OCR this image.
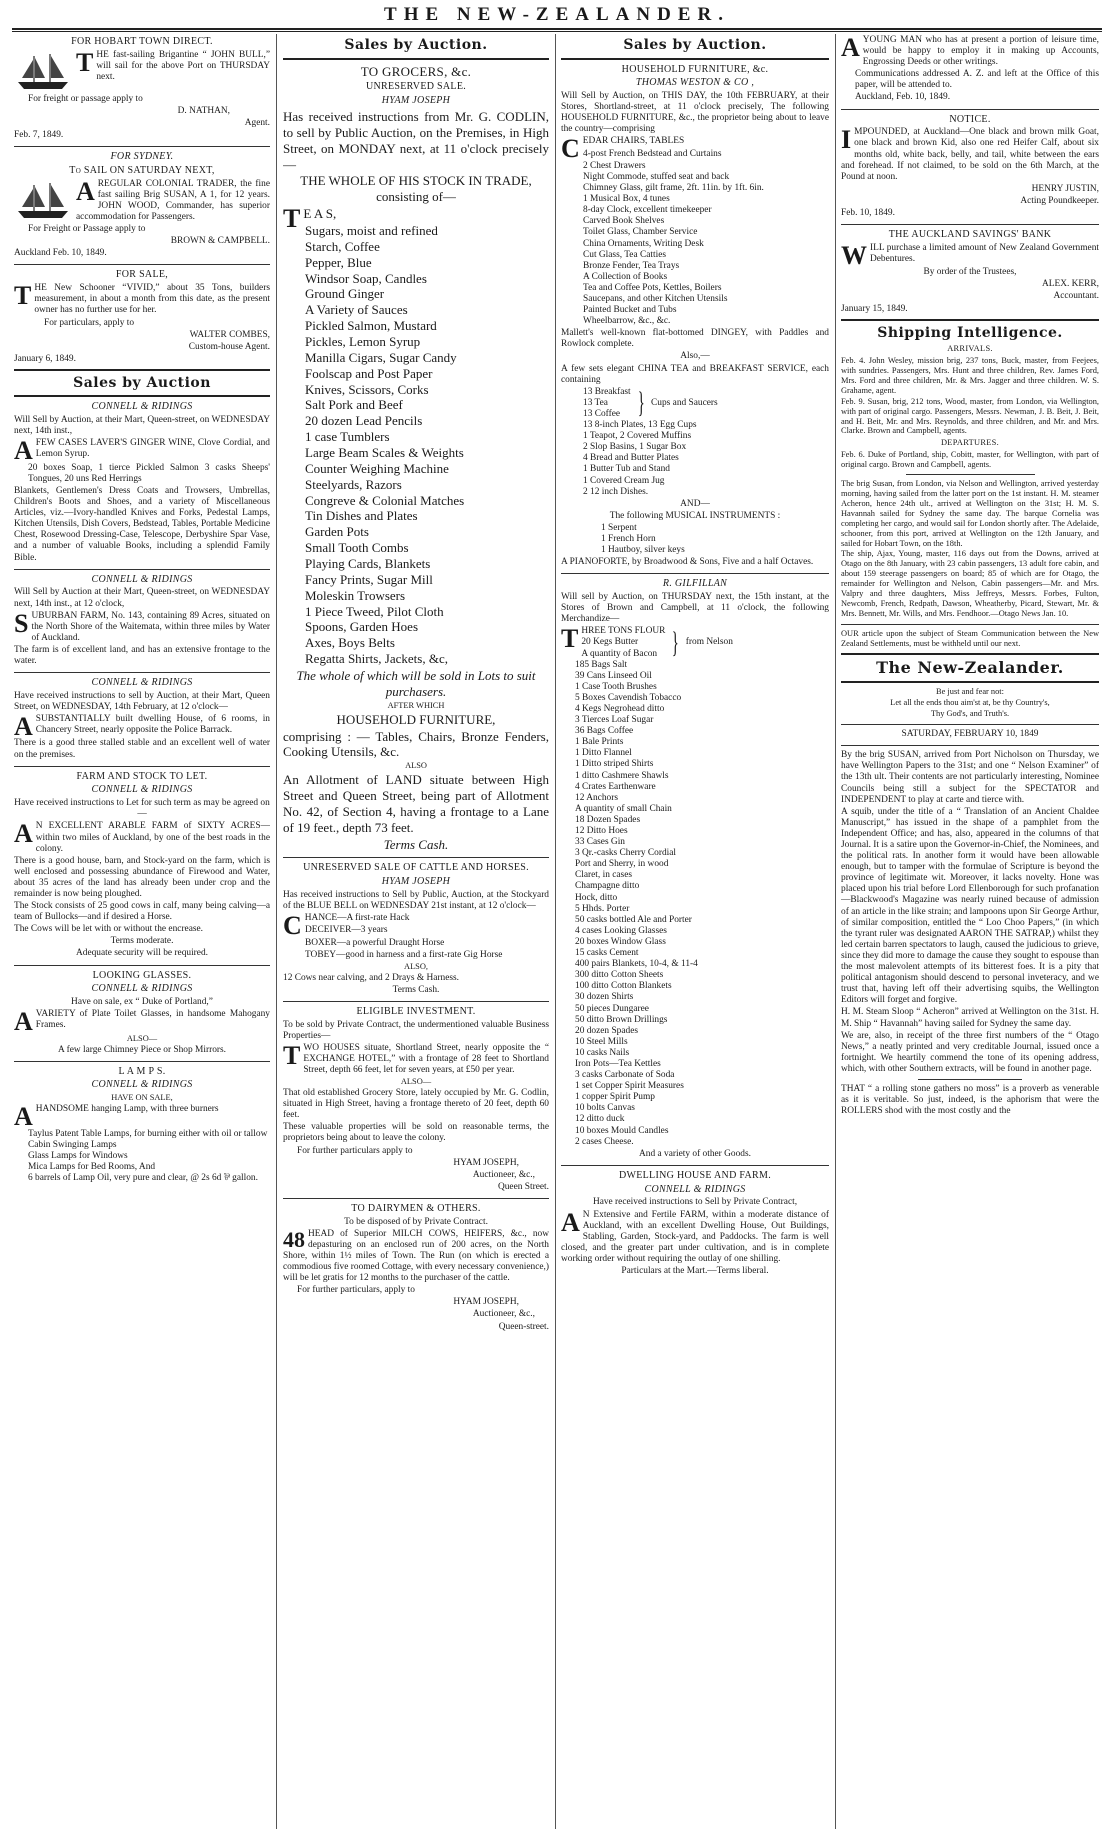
THE NEW-ZEALANDER.
FOR HOBART TOWN DIRECT.

THE fast-sailing Brigantine “ JOHN BULL,” will sail for the above Port on THURSDAY next.

For freight or passage apply to

D. NATHAN,

Agent.

Feb. 7, 1849.

FOR SYDNEY.
To SAIL ON SATURDAY NEXT,

AREGULAR COLONIAL TRADER, the fine fast sailing Brig SUSAN, A 1, for 12 years. JOHN WOOD, Commander, has superior accommodation for Passengers.

For Freight or Passage apply to

BROWN & CAMPBELL.

Auckland Feb. 10, 1849.

FOR SALE,

THE New Schooner “VIVID,” about 35 Tons, builders measurement, in about a month from this date, as the present owner has no further use for her.

For particulars, apply to

WALTER COMBES,

Custom-house Agent.

January 6, 1849.

Sales by Auction
CONNELL & RIDINGS

Will Sell by Auction, at their Mart, Queen-street, on WEDNESDAY next, 14th inst.,

AFEW CASES LAVER'S GINGER WINE, Clove Cordial, and Lemon Syrup.

20 boxes Soap, 1 tierce Pickled Salmon 3 casks Sheeps' Tongues, 20 uns Red Herrings

Blankets, Gentlemen's Dress Coats and Trowsers, Umbrellas, Children's Boots and Shoes, and a variety of Miscellaneous Articles, viz.—Ivory-handled Knives and Forks, Pedestal Lamps, Kitchen Utensils, Dish Covers, Bedstead, Tables, Portable Medicine Chest, Rosewood Dressing-Case, Telescope, Derbyshire Spar Vase, and a number of valuable Books, including a splendid Family Bible.

CONNELL & RIDINGS

Will Sell by Auction at their Mart, Queen-street, on WEDNESDAY next, 14th inst., at 12 o'clock,

SUBURBAN FARM, No. 143, containing 89 Acres, situated on the North Shore of the Waitemata, within three miles by Water of Auckland.

The farm is of excellent land, and has an extensive frontage to the water.

CONNELL & RIDINGS

Have received instructions to sell by Auction, at their Mart, Queen Street, on WEDNESDAY, 14th February, at 12 o'clock—

ASUBSTANTIALLY built dwelling House, of 6 rooms, in Chancery Street, nearly opposite the Police Barrack.

There is a good three stalled stable and an excellent well of water on the premises.

FARM AND STOCK TO LET.
CONNELL & RIDINGS

Have received instructions to Let for such term as may be agreed on—

A N EXCELLENT ARABLE FARM of SIXTY ACRES—within two miles of Auckland, by one of the best roads in the colony.

There is a good house, barn, and Stock-yard on the farm, which is well enclosed and possessing abundance of Firewood and Water, about 35 acres of the land has already been under crop and the remainder is now being ploughed.

The Stock consists of 25 good cows in calf, many being calving—a team of Bullocks—and if desired a Horse.

The Cows will be let with or without the encrease.

Terms moderate.

Adequate security will be required.

LOOKING GLASSES.
CONNELL & RIDINGS

Have on sale, ex “ Duke of Portland,”

AVARIETY of Plate Toilet Glasses, in handsome Mahogany Frames.

ALSO—

A few large Chimney Piece or Shop Mirrors.

L A M P S.
CONNELL & RIDINGS

HAVE ON SALE,

AHANDSOME hanging Lamp, with three burners

Taylus Patent Table Lamps, for burning either with oil or tallow
Cabin Swinging Lamps
Glass Lamps for Windows
Mica Lamps for Bed Rooms, And
6 barrels of Lamp Oil, very pure and clear, @ 2s 6d ⅌ gallon.
Sales by Auction.
TO GROCERS, &c.
UNRESERVED SALE.
HYAM JOSEPH

Has received instructions from Mr. G. CODLIN, to sell by Public Auction, on the Premises, in High Street, on MONDAY next, at 11 o'clock precisely—

THE WHOLE OF HIS STOCK IN TRADE, consisting of—

T E A S,

Sugars, moist and refined
Starch, Coffee
Pepper, Blue
Windsor Soap, Candles
Ground Ginger
A Variety of Sauces
Pickled Salmon, Mustard
Pickles, Lemon Syrup
Manilla Cigars, Sugar Candy
Foolscap and Post Paper
Knives, Scissors, Corks
Salt Pork and Beef
20 dozen Lead Pencils
1 case Tumblers
Large Beam Scales & Weights
Counter Weighing Machine
Steelyards, Razors
Congreve & Colonial Matches
Tin Dishes and Plates
Garden Pots
Small Tooth Combs
Playing Cards, Blankets
Fancy Prints, Sugar Mill
Moleskin Trowsers
1 Piece Tweed, Pilot Cloth
Spoons, Garden Hoes
Axes, Boys Belts
Regatta Shirts, Jackets, &c,

The whole of which will be sold in Lots to suit purchasers.

AFTER WHICH

HOUSEHOLD FURNITURE,

comprising : — Tables, Chairs, Bronze Fenders, Cooking Utensils, &c.

ALSO

An Allotment of LAND situate between High Street and Queen Street, being part of Allotment No. 42, of Section 4, having a frontage to a Lane of 19 feet., depth 73 feet.

Terms Cash.

UNRESERVED SALE OF CATTLE AND HORSES.
HYAM JOSEPH

Has received instructions to Sell by Public, Auction, at the Stockyard of the BLUE BELL on WEDNESDAY 21st instant, at 12 o'clock—

CHANCE—A first-rate Hack

DECEIVER—3 years

BOXER—a powerful Draught Horse

TOBEY—good in harness and a first-rate Gig Horse

ALSO,

12 Cows near calving, and 2 Drays & Harness.

Terms Cash.

ELIGIBLE INVESTMENT.

To be sold by Private Contract, the undermentioned valuable Business Properties—

TWO HOUSES situate, Shortland Street, nearly opposite the “ EXCHANGE HOTEL,” with a frontage of 28 feet to Shortland Street, depth 66 feet, let for seven years, at £50 per year.

ALSO—

That old established Grocery Store, lately occupied by Mr. G. Codlin, situated in High Street, having a frontage thereto of 20 feet, depth 60 feet.

These valuable properties will be sold on reasonable terms, the proprietors being about to leave the colony.

For further particulars apply to

HYAM JOSEPH,

Auctioneer, &c.,

Queen Street.

TO DAIRYMEN & OTHERS.

To be disposed of by Private Contract.

48 HEAD of Superior MILCH COWS, HEIFERS, &c., now depasturing on an enclosed run of 200 acres, on the North Shore, within 1½ miles of Town. The Run (on which is erected a commodious five roomed Cottage, with every necessary convenience,) will be let gratis for 12 months to the purchaser of the cattle.

For further particulars, apply to

HYAM JOSEPH,

Auctioneer, &c.,

Queen-street.

Sales by Auction.
HOUSEHOLD FURNITURE, &c.
THOMAS WESTON & CO ,

Will Sell by Auction, on THIS DAY, the 10th FEBRUARY, at their Stores, Shortland-street, at 11 o'clock precisely, The following HOUSEHOLD FURNITURE, &c., the proprietor being about to leave the country—comprising

CEDAR CHAIRS, TABLES

4-post French Bedstead and Curtains
2 Chest Drawers
Night Commode, stuffed seat and back
Chimney Glass, gilt frame, 2ft. 11in. by 1ft. 6in.
1 Musical Box, 4 tunes
8-day Clock, excellent timekeeper
Carved Book Shelves
Toilet Glass, Chamber Service
China Ornaments, Writing Desk
Cut Glass, Tea Catties
Bronze Fender, Tea Trays
A Collection of Books
Tea and Coffee Pots, Kettles, Boilers
Saucepans, and other Kitchen Utensils
Painted Bucket and Tubs
Wheelbarrow, &c., &c.

Mallett's well-known flat-bottomed DINGEY, with Paddles and Rowlock complete.

Also,—

A few sets elegant CHINA TEA and BREAKFAST SERVICE, each containing

13 Breakfast
13 Tea
13 Coffee } Cups and Saucers
13 8-inch Plates, 13 Egg Cups
1 Teapot, 2 Covered Muffins
2 Slop Basins, 1 Sugar Box
4 Bread and Butter Plates
1 Butter Tub and Stand
1 Covered Cream Jug
2 12 inch Dishes.

AND—

The following MUSICAL INSTRUMENTS :

1 Serpent
1 French Horn
1 Hautboy, silver keys

A PIANOFORTE, by Broadwood & Sons, Five and a half Octaves.

R. GILFILLAN

Will sell by Auction, on THURSDAY next, the 15th instant, at the Stores of Brown and Campbell, at 11 o'clock, the following Merchandize—

THREE TONS FLOUR
20 Kegs Butter
A quantity of Bacon } from Nelson
185 Bags Salt
39 Cans Linseed Oil
1 Case Tooth Brushes
5 Boxes Cavendish Tobacco
4 Kegs Negrohead ditto
3 Tierces Loaf Sugar
36 Bags Coffee
1 Bale Prints
1 Ditto Flannel
1 Ditto striped Shirts
1 ditto Cashmere Shawls
4 Crates Earthenware
12 Anchors
A quantity of small Chain
18 Dozen Spades
12 Ditto Hoes
33 Cases Gin
3 Qr.-casks Cherry Cordial
Port and Sherry, in wood
Claret, in cases
Champagne ditto
Hock, ditto
5 Hhds. Porter
50 casks bottled Ale and Porter
4 cases Looking Glasses
20 boxes Window Glass
15 casks Cement
400 pairs Blankets, 10-4, & 11-4
300 ditto Cotton Sheets
100 ditto Cotton Blankets
30 dozen Shirts
50 pieces Dungaree
50 ditto Brown Drillings
20 dozen Spades
10 Steel Mills
10 casks Nails
Iron Pots—Tea Kettles
3 casks Carbonate of Soda
1 set Copper Spirit Measures
1 copper Spirit Pump
10 bolts Canvas
12 ditto duck
10 boxes Mould Candles
2 cases Cheese.

And a variety of other Goods.

DWELLING HOUSE AND FARM.
CONNELL & RIDINGS

Have received instructions to Sell by Private Contract,

A N Extensive and Fertile FARM, within a moderate distance of Auckland, with an excellent Dwelling House, Out Buildings, Stabling, Garden, Stock-yard, and Paddocks. The farm is well closed, and the greater part under cultivation, and is in complete working order without requiring the outlay of one shilling.

Particulars at the Mart.—Terms liberal.

AYOUNG MAN who has at present a portion of leisure time, would be happy to employ it in making up Accounts, Engrossing Deeds or other writings.

Communications addressed A. Z. and left at the Office of this paper, will be attended to.

Auckland, Feb. 10, 1849.

NOTICE.

IMPOUNDED, at Auckland—One black and brown milk Goat, one black and brown Kid, also one red Heifer Calf, about six months old, white back, belly, and tail, white between the ears and forehead. If not claimed, to be sold on the 6th March, at the Pound at noon.

HENRY JUSTIN,

Acting Poundkeeper.

Feb. 10, 1849.

THE AUCKLAND SAVINGS' BANK

WILL purchase a limited amount of New Zealand Government Debentures.

By order of the Trustees,

ALEX. KERR,

Accountant.

January 15, 1849.

Shipping Intelligence.
ARRIVALS.

Feb. 4. John Wesley, mission brig, 237 tons, Buck, master, from Feejees, with sundries. Passengers, Mrs. Hunt and three children, Rev. James Ford, Mrs. Ford and three children, Mr. & Mrs. Jagger and three children. W. S. Grahame, agent.

Feb. 9. Susan, brig, 212 tons, Wood, master, from London, via Wellington, with part of original cargo. Passengers, Messrs. Newman, J. B. Beit, J. Beit, and H. Beit, Mr. and Mrs. Reynolds, and three children, and Mr. and Mrs. Clarke. Brown and Campbell, agents.

DEPARTURES.

Feb. 6. Duke of Portland, ship, Cobitt, master, for Wellington, with part of original cargo. Brown and Campbell, agents.

The brig Susan, from London, via Nelson and Wellington, arrived yesterday morning, having sailed from the latter port on the 1st instant. H. M. steamer Acheron, hence 24th ult., arrived at Wellington on the 31st; H. M. S. Havannah sailed for Sydney the same day. The barque Cornelia was completing her cargo, and would sail for London shortly after. The Adelaide, schooner, from this port, arrived at Wellington on the 12th January, and sailed for Hobart Town, on the 18th.

The ship, Ajax, Young, master, 116 days out from the Downs, arrived at Otago on the 8th January, with 23 cabin passengers, 13 adult fore cabin, and about 159 steerage passengers on board; 85 of which are for Otago, the remainder for Wellington and Nelson, Cabin passengers—Mr. and Mrs. Valpry and three daughters, Miss Jeffreys, Messrs. Forbes, Fulton, Newcomb, French, Redpath, Dawson, Wheatherby, Picard, Stewart, Mr. & Mrs. Bennett, Mr. Wills, and Mrs. Fendhoor.—Otago News Jan. 10.

OUR article upon the subject of Steam Communication between the New Zealand Settlements, must be withheld until our next.

The New-Zealander.

Be just and fear not:

Let all the ends thou aim'st at, be thy Country's,

Thy God's, and Truth's.

SATURDAY, FEBRUARY 10, 1849

By the brig SUSAN, arrived from Port Nicholson on Thursday, we have Wellington Papers to the 31st; and one “ Nelson Examiner” of the 13th ult. Their contents are not particularly interesting, Nominee Councils being still a subject for the SPECTATOR and INDEPENDENT to play at carte and tierce with.

A squib, under the title of a “ Translation of an Ancient Chaldee Manuscript,” has issued in the shape of a pamphlet from the Independent Office; and has, also, appeared in the columns of that Journal. It is a satire upon the Governor-in-Chief, the Nominees, and the political rats. In another form it would have been allowable enough, but to tamper with the formulae of Scripture is beyond the province of legitimate wit. Moreover, it lacks novelty. Hone was placed upon his trial before Lord Ellenborough for such profanation—Blackwood's Magazine was nearly ruined because of admission of an article in the like strain; and lampoons upon Sir George Arthur, of similar composition, entitled the “ Loo Choo Papers,” (in which the tyrant ruler was designated AARON THE SATRAP,) whilst they led certain barren spectators to laugh, caused the judicious to grieve, since they did more to damage the cause they sought to espouse than the most malevolent attempts of its bitterest foes. It is a pity that political antagonism should descend to personal inveteracy, and we trust that, having left off their advertising squibs, the Wellington Editors will forget and forgive.

H. M. Steam Sloop “ Acheron” arrived at Wellington on the 31st. H. M. Ship “ Havannah” having sailed for Sydney the same day.

We are, also, in receipt of the three first numbers of the “ Otago News,” a neatly printed and very creditable Journal, issued once a fortnight. We heartily commend the tone of its opening address, which, with other Southern extracts, will be found in another page.

THAT “ a rolling stone gathers no moss” is a proverb as venerable as it is veritable. So just, indeed, is the aphorism that were the ROLLERS shod with the most costly and the
